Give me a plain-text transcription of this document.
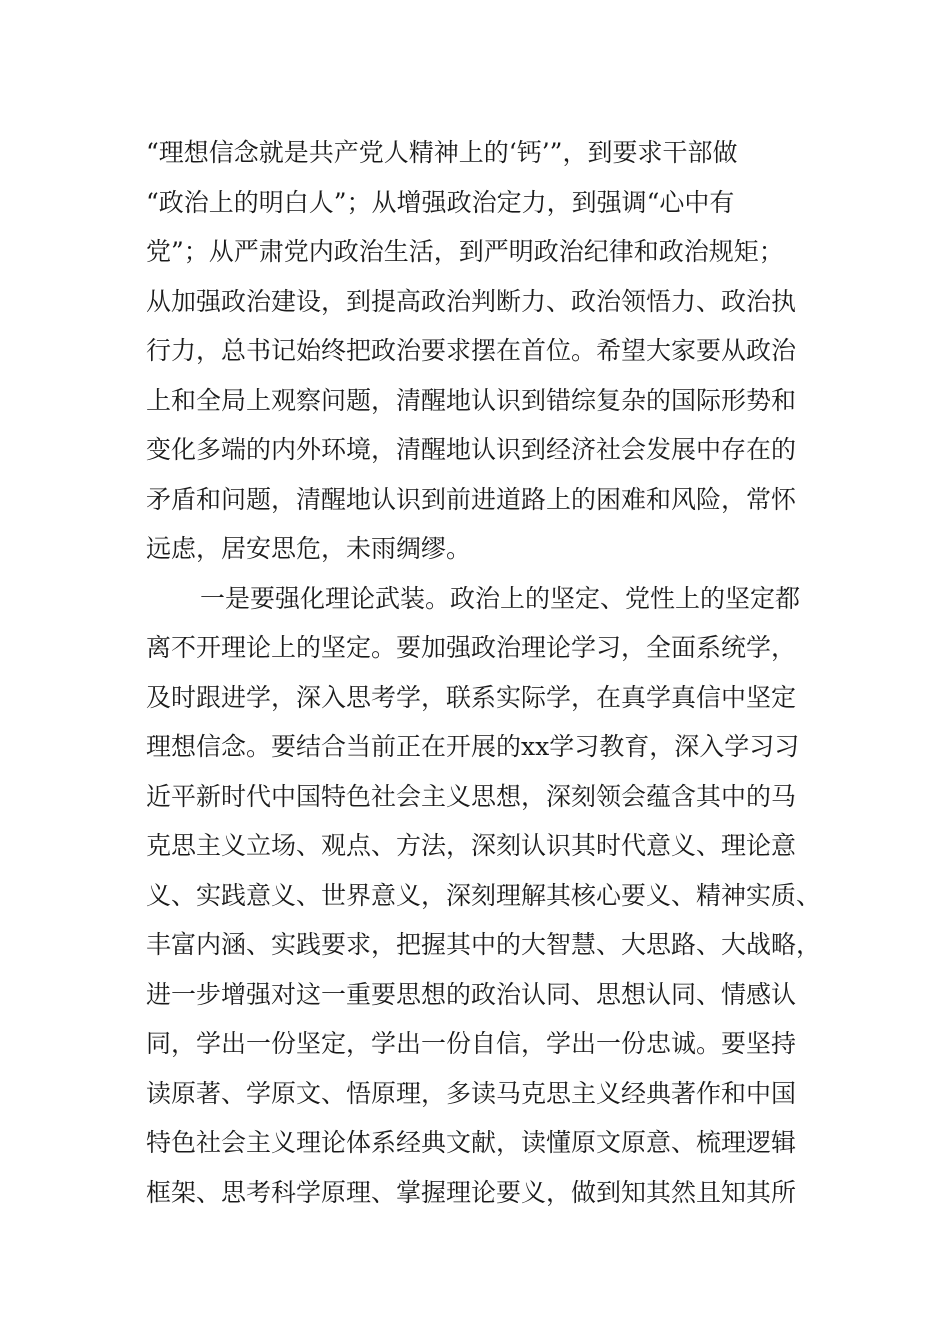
“理想信念就是共产党人精神上的‘钙’”，到要求干部做
“政治上的明白人”；从增强政治定力，到强调“心中有
党”；从严肃党内政治生活，到严明政治纪律和政治规矩；
从加强政治建设，到提高政治判断力、政治领悟力、政治执
行力，总书记始终把政治要求摆在首位。希望大家要从政治
上和全局上观察问题，清醒地认识到错综复杂的国际形势和
变化多端的内外环境，清醒地认识到经济社会发展中存在的
矛盾和问题，清醒地认识到前进道路上的困难和风险，常怀
远虑，居安思危，未雨绸缪。
一是要强化理论武装。政治上的坚定、党性上的坚定都
离不开理论上的坚定。要加强政治理论学习，全面系统学，
及时跟进学，深入思考学，联系实际学，在真学真信中坚定
理想信念。要结合当前正在开展的xx学习教育，深入学习习
近平新时代中国特色社会主义思想，深刻领会蕴含其中的马
克思主义立场、观点、方法，深刻认识其时代意义、理论意
义、实践意义、世界意义，深刻理解其核心要义、精神实质、
丰富内涵、实践要求，把握其中的大智慧、大思路、大战略，
进一步增强对这一重要思想的政治认同、思想认同、情感认
同，学出一份坚定，学出一份自信，学出一份忠诚。要坚持
读原著、学原文、悟原理，多读马克思主义经典著作和中国
特色社会主义理论体系经典文献，读懂原文原意、梳理逻辑
框架、思考科学原理、掌握理论要义，做到知其然且知其所
